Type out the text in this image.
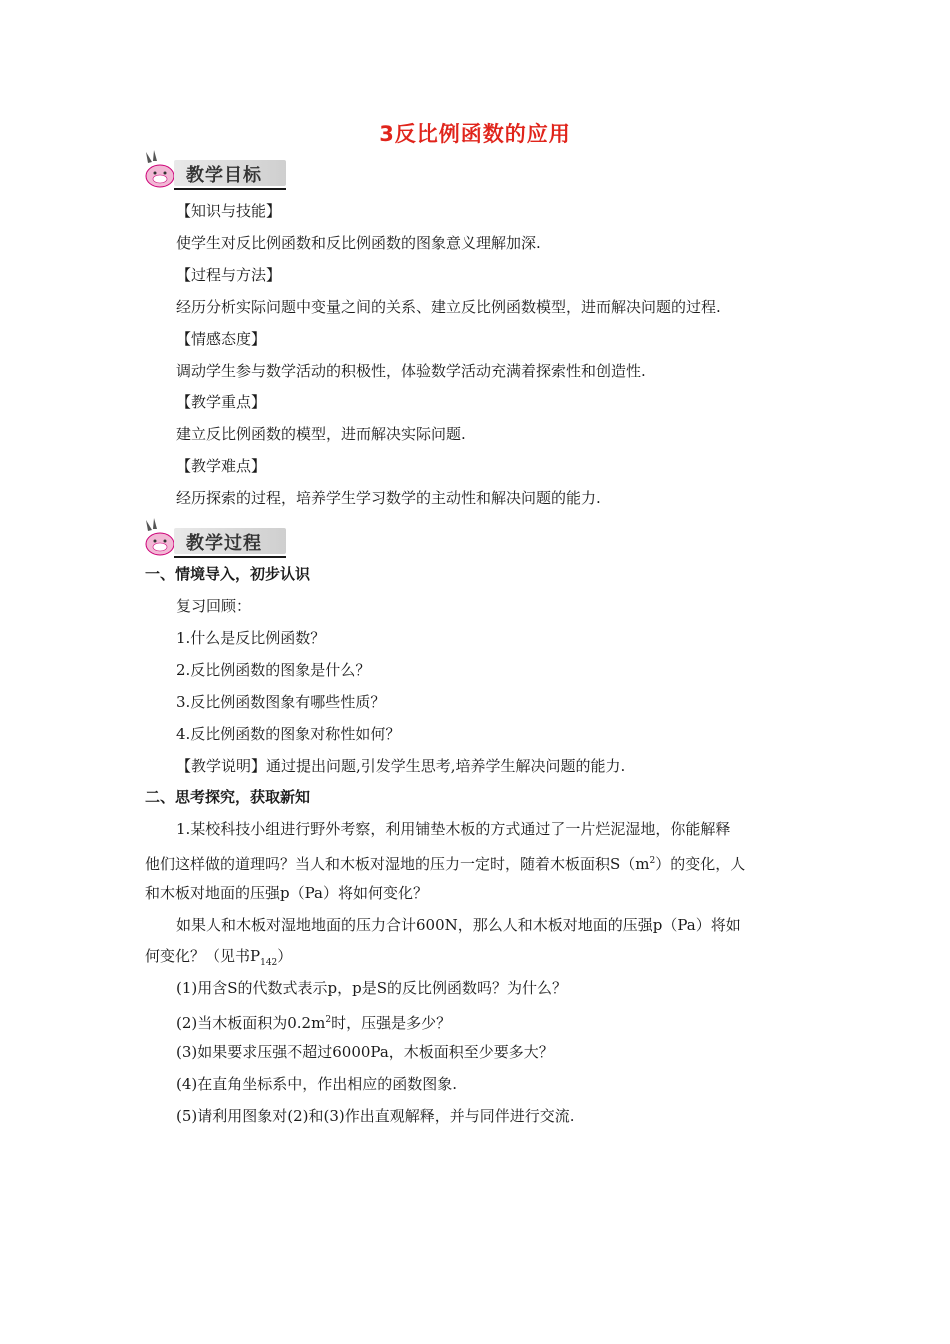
3反比例函数的应用
教学目标
【知识与技能】
使学生对反比例函数和反比例函数的图象意义理解加深.
【过程与方法】
经历分析实际问题中变量之间的关系、建立反比例函数模型，进而解决问题的过程.
【情感态度】
调动学生参与数学活动的积极性，体验数学活动充满着探索性和创造性.
【教学重点】
建立反比例函数的模型，进而解决实际问题.
【教学难点】
经历探索的过程，培养学生学习数学的主动性和解决问题的能力.
教学过程
一、情境导入，初步认识
复习回顾：
1.什么是反比例函数？
2.反比例函数的图象是什么？
3.反比例函数图象有哪些性质？
4.反比例函数的图象对称性如何？
【教学说明】通过提出问题,引发学生思考,培养学生解决问题的能力.
二、思考探究，获取新知
1.某校科技小组进行野外考察，利用铺垫木板的方式通过了一片烂泥湿地，你能解释
他们这样做的道理吗？当人和木板对湿地的压力一定时，随着木板面积$S(m^2)$的变化，人
和木板对地面的压强p（Pa）将如何变化？
如果人和木板对湿地地面的压力合计600N，那么人和木板对地面的压强p（Pa）将如
何变化？（见书$P_{142}$）
(1)用含S的代数式表示p，p是S的反比例函数吗？为什么？
(2)当木板面积为$0.2m^2$时，压强是多少？
(3)如果要求压强不超过6000Pa，木板面积至少要多大？
(4)在直角坐标系中，作出相应的函数图象.
(5)请利用图象对(2)和(3)作出直观解释，并与同伴进行交流.
